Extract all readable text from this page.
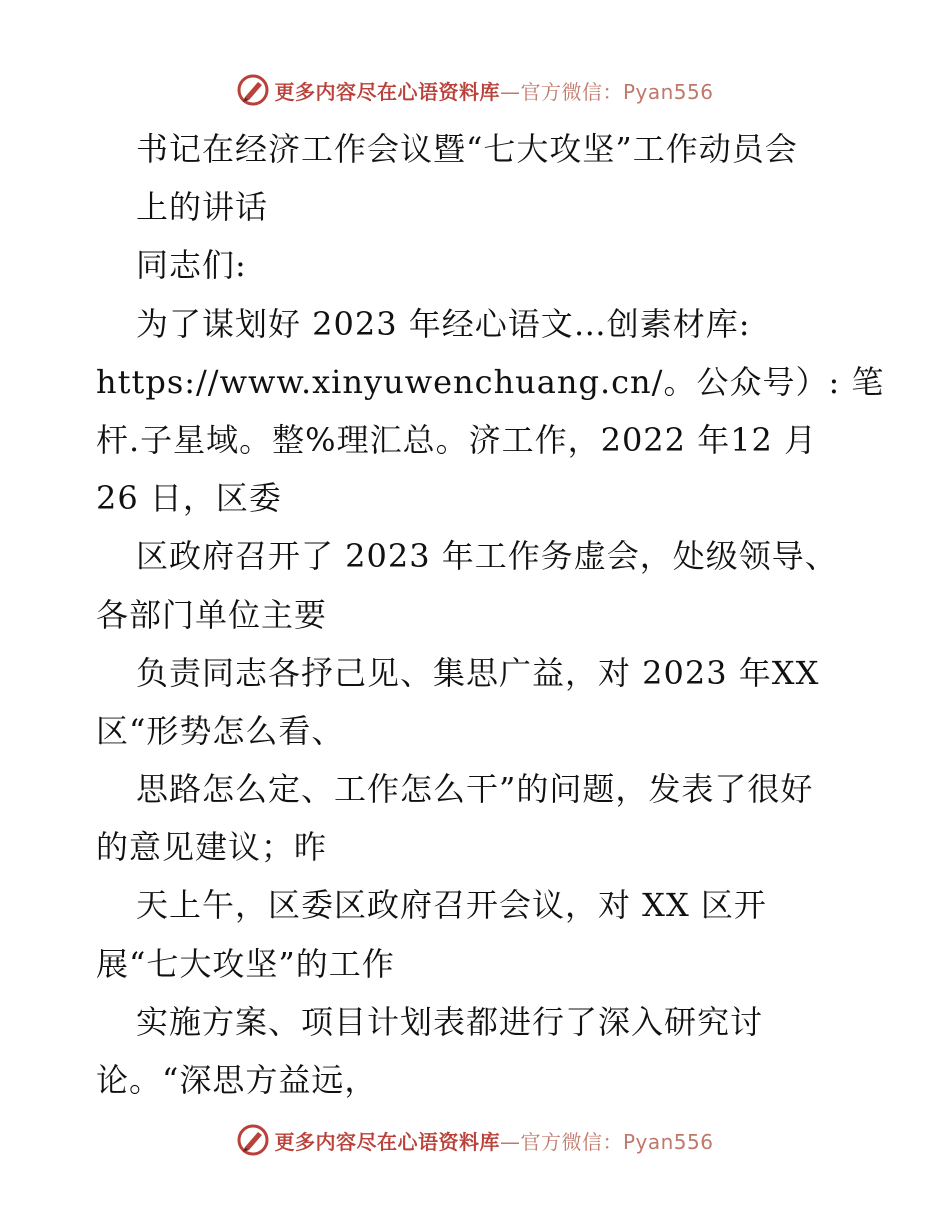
更多内容尽在心语资料库—官方微信：Pyan556
书记在经济工作会议暨“七大攻坚”工作动员会
上的讲话
同志们:
为了谋划好 2023 年经心语文…创素材库:
https://www.xinyuwenchuang.cn/。公众号）: 笔
杆.子星域。整%理汇总。济工作，2022 年12 月
26 日，区委
区政府召开了 2023 年工作务虚会，处级领导、
各部门单位主要
负责同志各抒己见、集思广益，对 2023 年XX
区“形势怎么看、
思路怎么定、工作怎么干”的问题，发表了很好
的意见建议；昨
天上午，区委区政府召开会议，对 XX 区开
展“七大攻坚”的工作
实施方案、项目计划表都进行了深入研究讨
论。“深思方益远，
更多内容尽在心语资料库—官方微信：Pyan556
